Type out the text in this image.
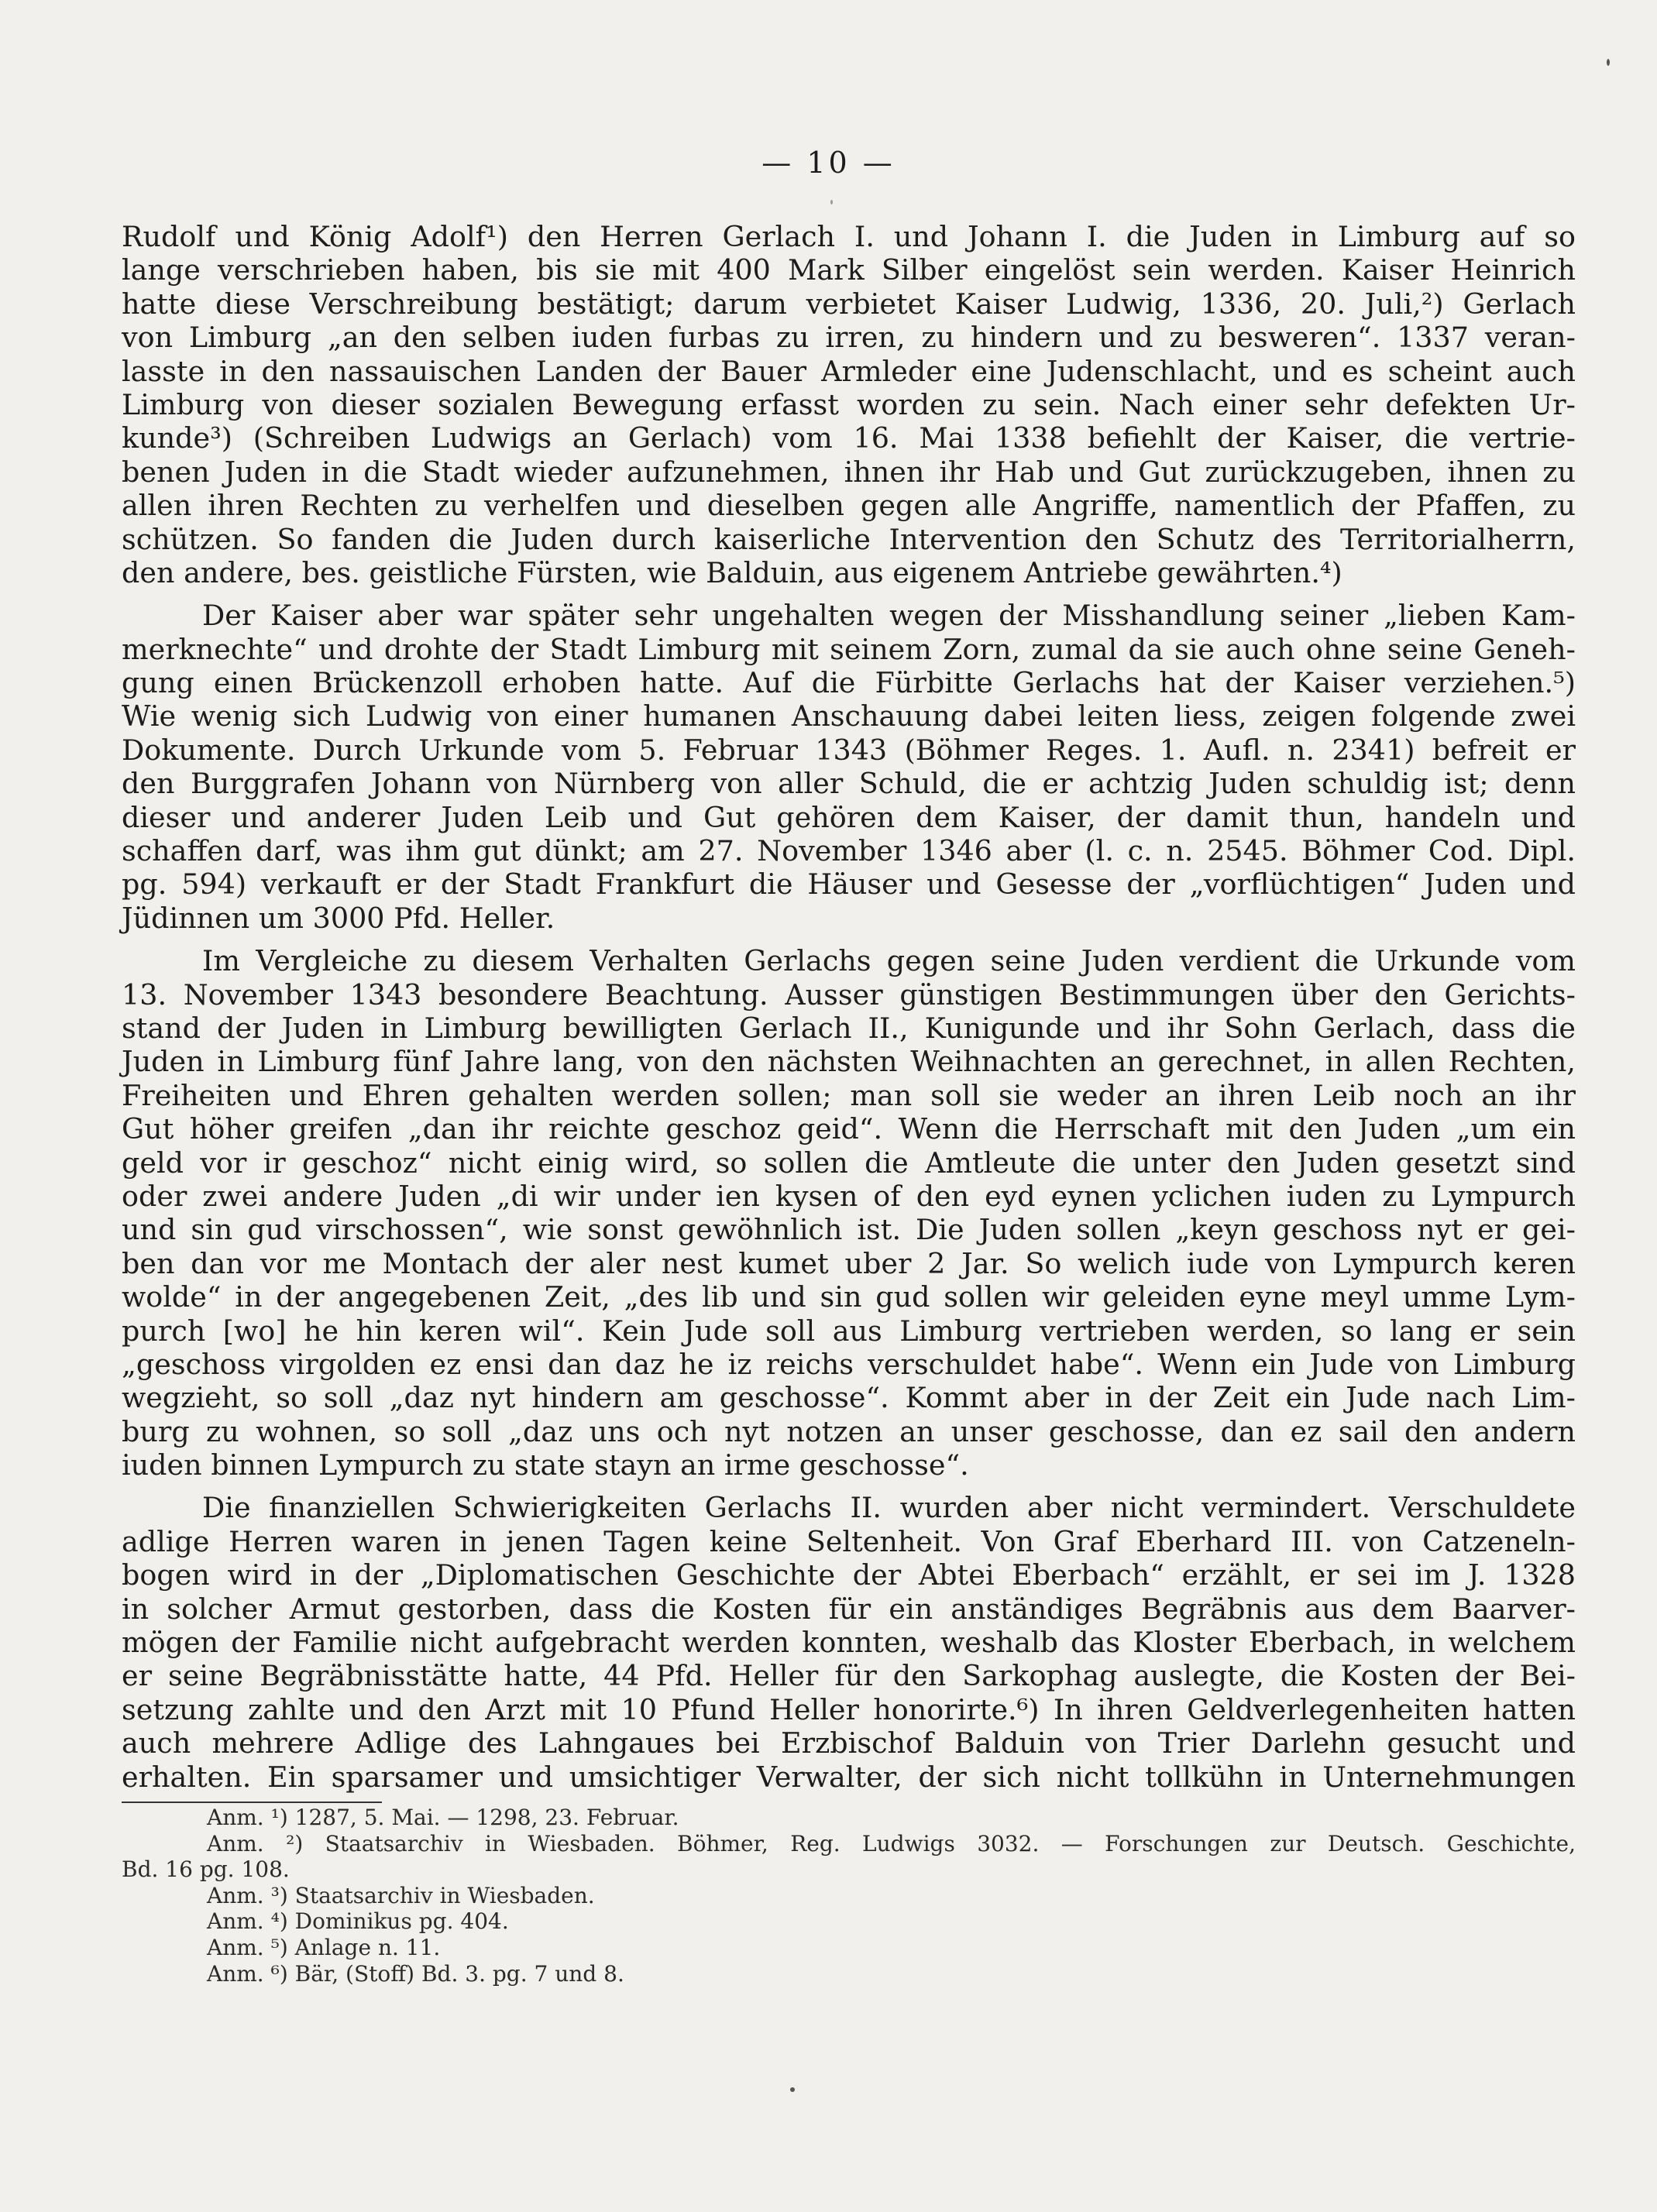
— 10 —
Rudolf und König Adolf¹) den Herren Gerlach I. und Johann I. die Juden in Limburg auf so
lange verschrieben haben, bis sie mit 400 Mark Silber eingelöst sein werden. Kaiser Heinrich
hatte diese Verschreibung bestätigt; darum verbietet Kaiser Ludwig, 1336, 20. Juli,²) Gerlach
von Limburg „an den selben iuden furbas zu irren, zu hindern und zu besweren“. 1337 veran-
lasste in den nassauischen Landen der Bauer Armleder eine Judenschlacht, und es scheint auch
Limburg von dieser sozialen Bewegung erfasst worden zu sein. Nach einer sehr defekten Ur-
kunde³) (Schreiben Ludwigs an Gerlach) vom 16. Mai 1338 befiehlt der Kaiser, die vertrie-
benen Juden in die Stadt wieder aufzunehmen, ihnen ihr Hab und Gut zurückzugeben, ihnen zu
allen ihren Rechten zu verhelfen und dieselben gegen alle Angriffe, namentlich der Pfaffen, zu
schützen. So fanden die Juden durch kaiserliche Intervention den Schutz des Territorialherrn,
den andere, bes. geistliche Fürsten, wie Balduin, aus eigenem Antriebe gewährten.⁴)
Der Kaiser aber war später sehr ungehalten wegen der Misshandlung seiner „lieben Kam-
merknechte“ und drohte der Stadt Limburg mit seinem Zorn, zumal da sie auch ohne seine Geneh-
gung einen Brückenzoll erhoben hatte. Auf die Fürbitte Gerlachs hat der Kaiser verziehen.⁵)
Wie wenig sich Ludwig von einer humanen Anschauung dabei leiten liess, zeigen folgende zwei
Dokumente. Durch Urkunde vom 5. Februar 1343 (Böhmer Reges. 1. Aufl. n. 2341) befreit er
den Burggrafen Johann von Nürnberg von aller Schuld, die er achtzig Juden schuldig ist; denn
dieser und anderer Juden Leib und Gut gehören dem Kaiser, der damit thun, handeln und
schaffen darf, was ihm gut dünkt; am 27. November 1346 aber (l. c. n. 2545. Böhmer Cod. Dipl.
pg. 594) verkauft er der Stadt Frankfurt die Häuser und Gesesse der „vorflüchtigen“ Juden und
Jüdinnen um 3000 Pfd. Heller.
Im Vergleiche zu diesem Verhalten Gerlachs gegen seine Juden verdient die Urkunde vom
13. November 1343 besondere Beachtung. Ausser günstigen Bestimmungen über den Gerichts-
stand der Juden in Limburg bewilligten Gerlach II., Kunigunde und ihr Sohn Gerlach, dass die
Juden in Limburg fünf Jahre lang, von den nächsten Weihnachten an gerechnet, in allen Rechten,
Freiheiten und Ehren gehalten werden sollen; man soll sie weder an ihren Leib noch an ihr
Gut höher greifen „dan ihr reichte geschoz geid“. Wenn die Herrschaft mit den Juden „um ein
geld vor ir geschoz“ nicht einig wird, so sollen die Amtleute die unter den Juden gesetzt sind
oder zwei andere Juden „di wir under ien kysen of den eyd eynen yclichen iuden zu Lympurch
und sin gud virschossen“, wie sonst gewöhnlich ist. Die Juden sollen „keyn geschoss nyt er gei-
ben dan vor me Montach der aler nest kumet uber 2 Jar. So welich iude von Lympurch keren
wolde“ in der angegebenen Zeit, „des lib und sin gud sollen wir geleiden eyne meyl umme Lym-
purch [wo] he hin keren wil“. Kein Jude soll aus Limburg vertrieben werden, so lang er sein
„geschoss virgolden ez ensi dan daz he iz reichs verschuldet habe“. Wenn ein Jude von Limburg
wegzieht, so soll „daz nyt hindern am geschosse“. Kommt aber in der Zeit ein Jude nach Lim-
burg zu wohnen, so soll „daz uns och nyt notzen an unser geschosse, dan ez sail den andern
iuden binnen Lympurch zu state stayn an irme geschosse“.
Die finanziellen Schwierigkeiten Gerlachs II. wurden aber nicht vermindert. Verschuldete
adlige Herren waren in jenen Tagen keine Seltenheit. Von Graf Eberhard III. von Catzeneln-
bogen wird in der „Diplomatischen Geschichte der Abtei Eberbach“ erzählt, er sei im J. 1328
in solcher Armut gestorben, dass die Kosten für ein anständiges Begräbnis aus dem Baarver-
mögen der Familie nicht aufgebracht werden konnten, weshalb das Kloster Eberbach, in welchem
er seine Begräbnisstätte hatte, 44 Pfd. Heller für den Sarkophag auslegte, die Kosten der Bei-
setzung zahlte und den Arzt mit 10 Pfund Heller honorirte.⁶) In ihren Geldverlegenheiten hatten
auch mehrere Adlige des Lahngaues bei Erzbischof Balduin von Trier Darlehn gesucht und
erhalten. Ein sparsamer und umsichtiger Verwalter, der sich nicht tollkühn in Unternehmungen
Anm. ¹) 1287, 5. Mai. — 1298, 23. Februar.
Anm. ²) Staatsarchiv in Wiesbaden. Böhmer, Reg. Ludwigs 3032. — Forschungen zur Deutsch. Geschichte,
Bd. 16 pg. 108.
Anm. ³) Staatsarchiv in Wiesbaden.
Anm. ⁴) Dominikus pg. 404.
Anm. ⁵) Anlage n. 11.
Anm. ⁶) Bär, (Stoff) Bd. 3. pg. 7 und 8.
